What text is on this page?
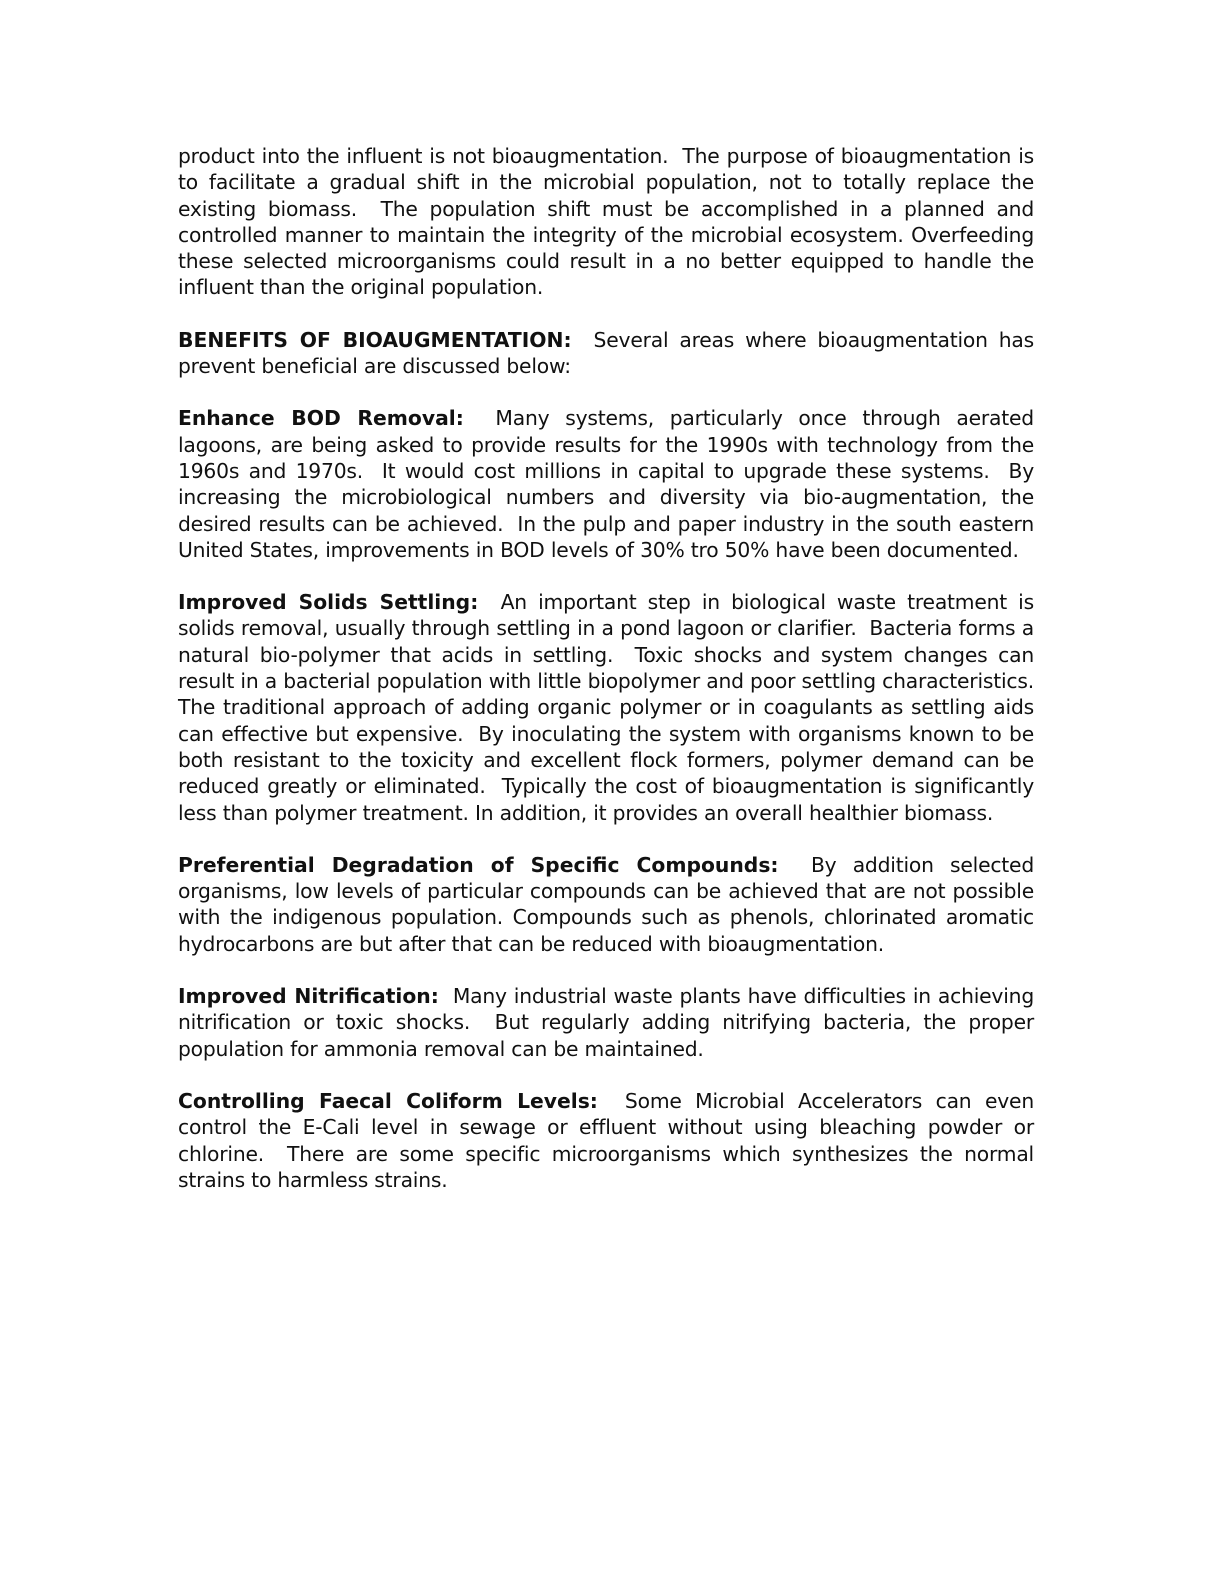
product into the influent is not bioaugmentation.  The purpose of bioaugmentation is to facilitate a gradual shift in the microbial population, not to totally replace the existing biomass.  The population shift must be accomplished in a planned and controlled manner to maintain the integrity of the microbial ecosystem. Overfeeding these selected microorganisms could result in a no better equipped to handle the influent than the original population.

BENEFITS OF BIOAUGMENTATION:  Several areas where bioaugmentation has prevent beneficial are discussed below:

Enhance BOD Removal:  Many systems, particularly once through aerated lagoons, are being asked to provide results for the 1990s with technology from the 1960s and 1970s.  It would cost millions in capital to upgrade these systems.  By increasing the microbiological numbers and diversity via bio-augmentation, the desired results can be achieved.  In the pulp and paper industry in the south eastern United States, improvements in BOD levels of 30% tro 50% have been documented.

Improved Solids Settling:  An important step in biological waste treatment is solids removal, usually through settling in a pond lagoon or clarifier.  Bacteria forms a natural bio-polymer that acids in settling.  Toxic shocks and system changes can result in a bacterial population with little biopolymer and poor settling characteristics.  The traditional approach of adding organic polymer or in coagulants as settling aids can effective but expensive.  By inoculating the system with organisms known to be both resistant to the toxicity and excellent flock formers, polymer demand can be reduced greatly or eliminated.  Typically the cost of bioaugmentation is significantly less than polymer treatment. In addition, it provides an overall healthier biomass.

Preferential Degradation of Specific Compounds:  By addition selected organisms, low levels of particular compounds can be achieved that are not possible with the indigenous population. Compounds such as phenols, chlorinated aromatic hydrocarbons are but after that can be reduced with bioaugmentation.

Improved Nitrification:  Many industrial waste plants have difficulties in achieving nitrification or toxic shocks.  But regularly adding nitrifying bacteria, the proper population for ammonia removal can be maintained.

Controlling Faecal Coliform Levels:  Some Microbial Accelerators can even control the E-Cali level in sewage or effluent without using bleaching powder or chlorine.  There are some specific microorganisms which synthesizes the normal strains to harmless strains.
